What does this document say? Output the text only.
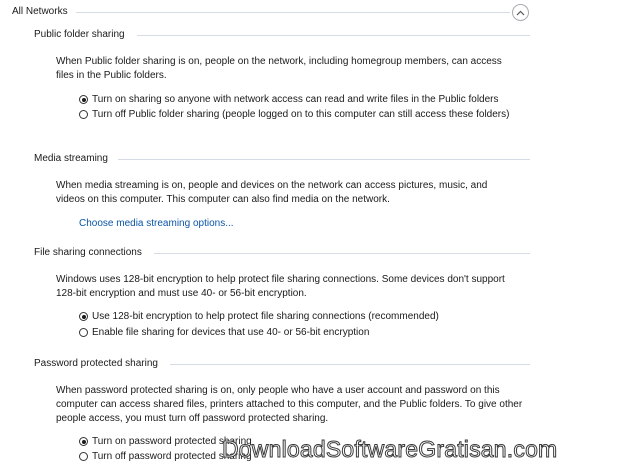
All Networks
Public folder sharing
When Public folder sharing is on, people on the network, including homegroup members, can access files in the Public folders.
Turn on sharing so anyone with network access can read and write files in the Public folders
Turn off Public folder sharing (people logged on to this computer can still access these folders)
Media streaming
When media streaming is on, people and devices on the network can access pictures, music, and videos on this computer. This computer can also find media on the network.
Choose media streaming options...
File sharing connections
Windows uses 128-bit encryption to help protect file sharing connections. Some devices don't support 128-bit encryption and must use 40- or 56-bit encryption.
Use 128-bit encryption to help protect file sharing connections (recommended)
Enable file sharing for devices that use 40- or 56-bit encryption
Password protected sharing
When password protected sharing is on, only people who have a user account and password on this computer can access shared files, printers attached to this computer, and the Public folders. To give other people access, you must turn off password protected sharing.
Turn on password protected sharing
Turn off password protected sharing
DownloadSoftwareGratisan.com
